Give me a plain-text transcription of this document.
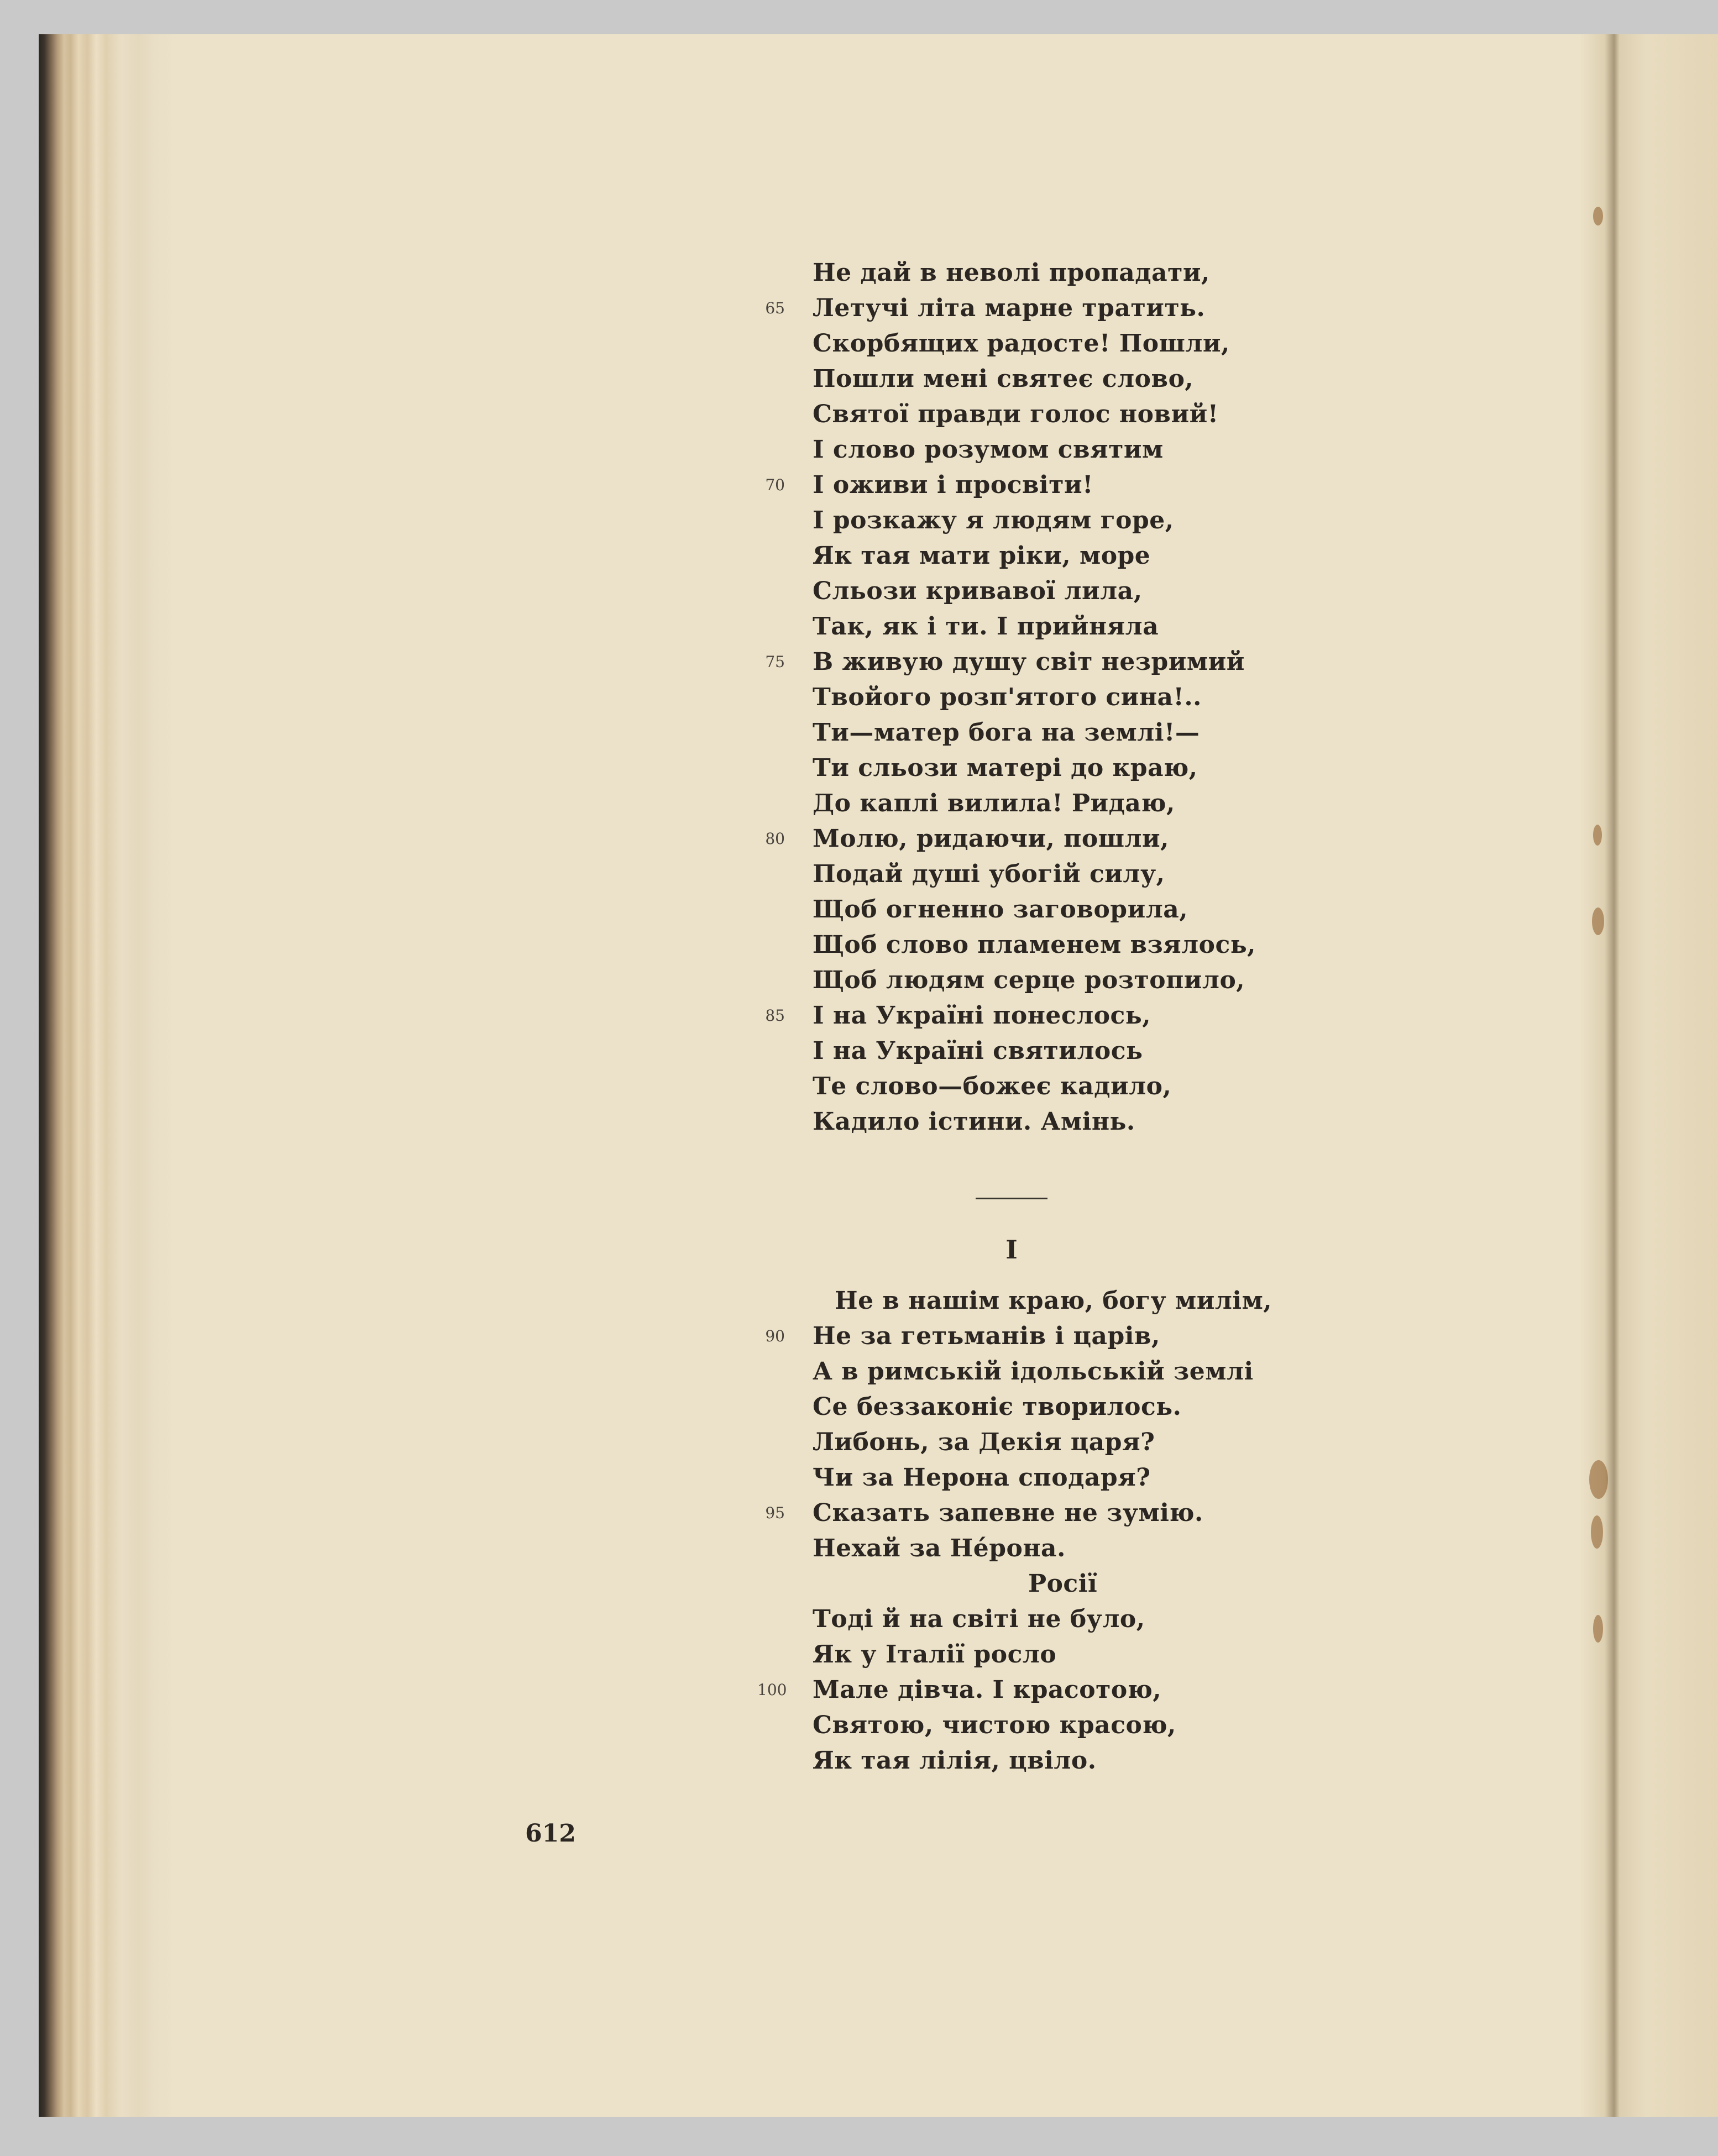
Не дай в неволі пропадати,
65 Летучі літа марне тратить.
Скорбящих радосте! Пошли,
Пошли мені святеє слово,
Святої правди голос новий!
І слово розумом святим
70 І оживи і просвіти!
І розкажу я людям горе,
Як тая мати ріки, море
Сльози кривавої лила,
Так, як і ти. І прийняла
75 В живую душу світ незримий
Твойого розп'ятого сина!..
Ти—матер бога на землі!—
Ти сльози матері до краю,
До каплі вилила! Ридаю,
80 Молю, ридаючи, пошли,
Подай душі убогій силу,
Щоб огненно заговорила,
Щоб слово пламенем взялось,
Щоб людям серце розтопило,
85 І на Україні понеслось,
І на Україні святилось
Те слово—божеє кадило,
Кадило істини. Амінь.
І
Не в нашім краю, богу милім,
90 Не за гетьманів і царів,
А в римській ідольській землі
Се беззаконіє творилось.
Либонь, за Декія царя?
Чи за Нерона сподаря?
95 Сказать запевне не зумію.
Нехай за Нéрона.
Росії
Тоді й на світі не було,
Як у Італії росло
100 Мале дівча. І красотою,
Святою, чистою красою,
Як тая лілія, цвіло.
612
